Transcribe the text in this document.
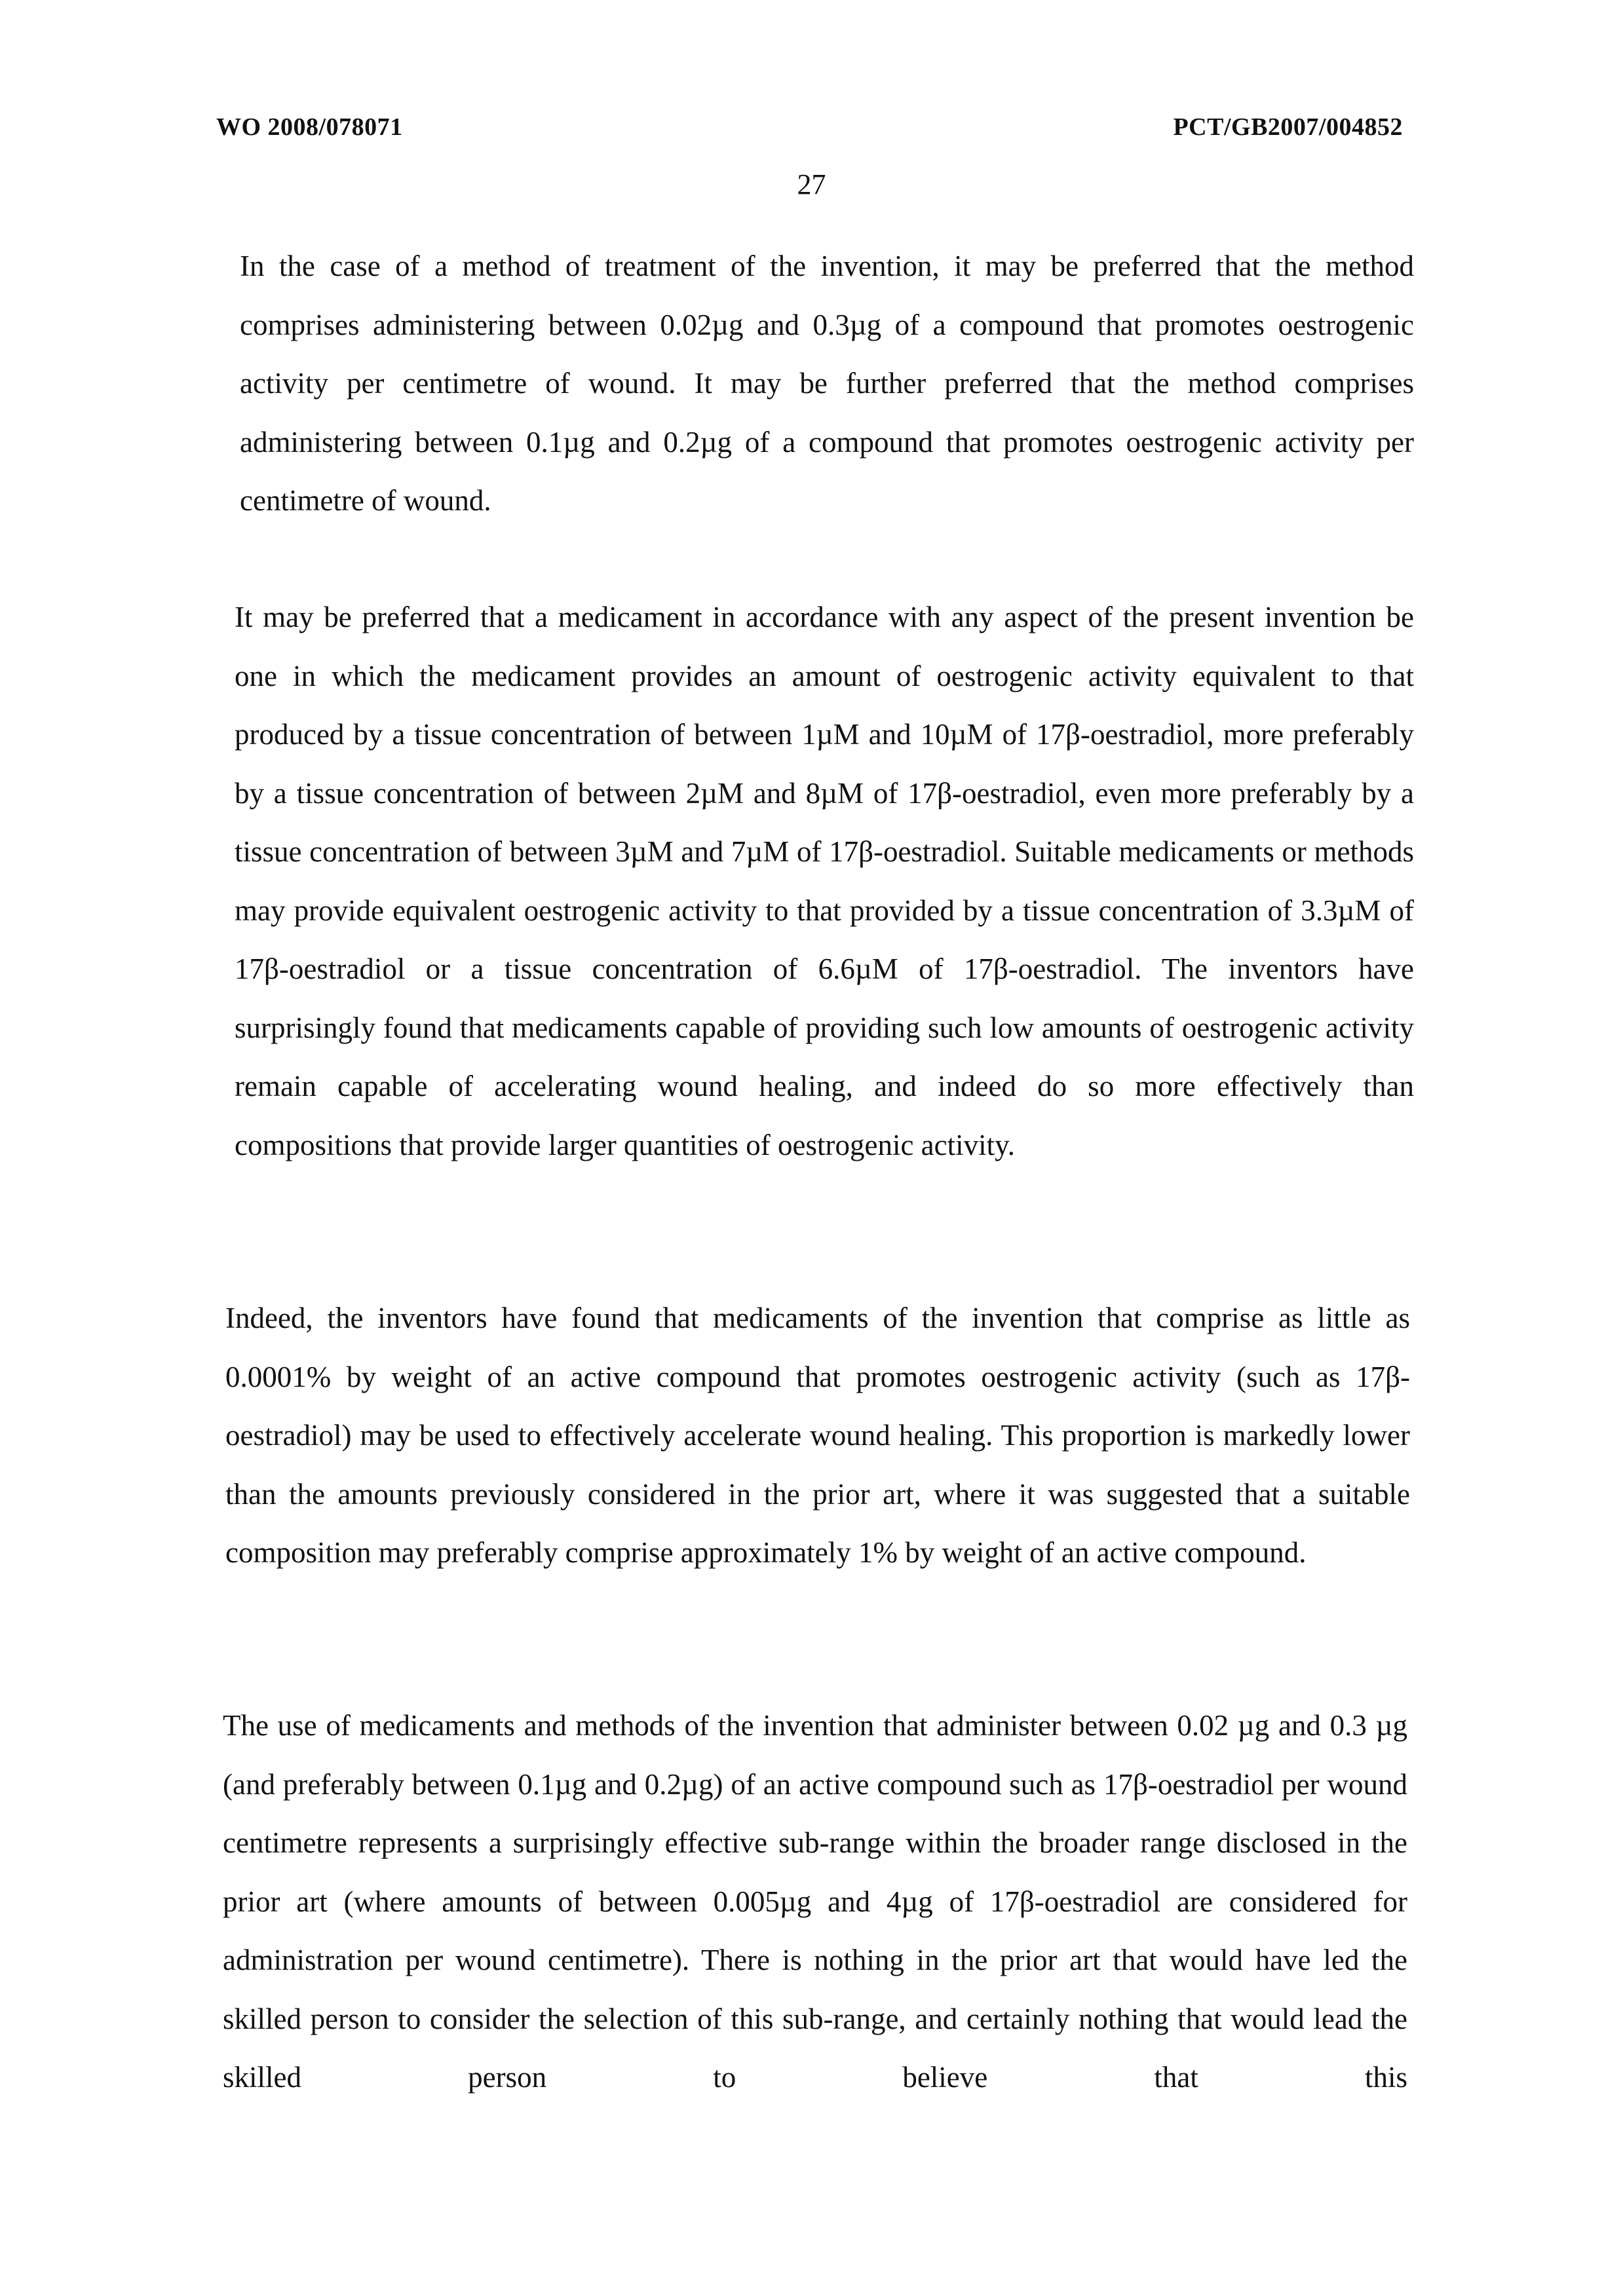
WO 2008/078071	PCT/GB2007/004852
27

In the case of a method of treatment of the invention, it may be preferred that the method comprises administering between 0.02µg and 0.3µg of a compound that promotes oestrogenic activity per centimetre of wound. It may be further preferred that the method comprises administering between 0.1µg and 0.2µg of a compound that promotes oestrogenic activity per centimetre of wound.

It may be preferred that a medicament in accordance with any aspect of the present invention be one in which the medicament provides an amount of oestrogenic activity equivalent to that produced by a tissue concentration of between 1µM and 10µM of 17β-oestradiol, more preferably by a tissue concentration of between 2µM and 8µM of 17β-oestradiol, even more preferably by a tissue concentration of between 3µM and 7µM of 17β-oestradiol. Suitable medicaments or methods may provide equivalent oestrogenic activity to that provided by a tissue concentration of 3.3µM of 17β-oestradiol or a tissue concentration of 6.6µM of 17β-oestradiol. The inventors have surprisingly found that medicaments capable of providing such low amounts of oestrogenic activity remain capable of accelerating wound healing, and indeed do so more effectively than compositions that provide larger quantities of oestrogenic activity.

Indeed, the inventors have found that medicaments of the invention that comprise as little as 0.0001% by weight of an active compound that promotes oestrogenic activity (such as 17β-oestradiol) may be used to effectively accelerate wound healing. This proportion is markedly lower than the amounts previously considered in the prior art, where it was suggested that a suitable composition may preferably comprise approximately 1% by weight of an active compound.

The use of medicaments and methods of the invention that administer between 0.02 µg and 0.3 µg (and preferably between 0.1µg and 0.2µg) of an active compound such as 17β-oestradiol per wound centimetre represents a surprisingly effective sub-range within the broader range disclosed in the prior art (where amounts of between 0.005µg and 4µg of 17β-oestradiol are considered for administration per wound centimetre). There is nothing in the prior art that would have led the skilled person to consider the selection of this sub-range, and certainly nothing that would lead the skilled person to believe that this
